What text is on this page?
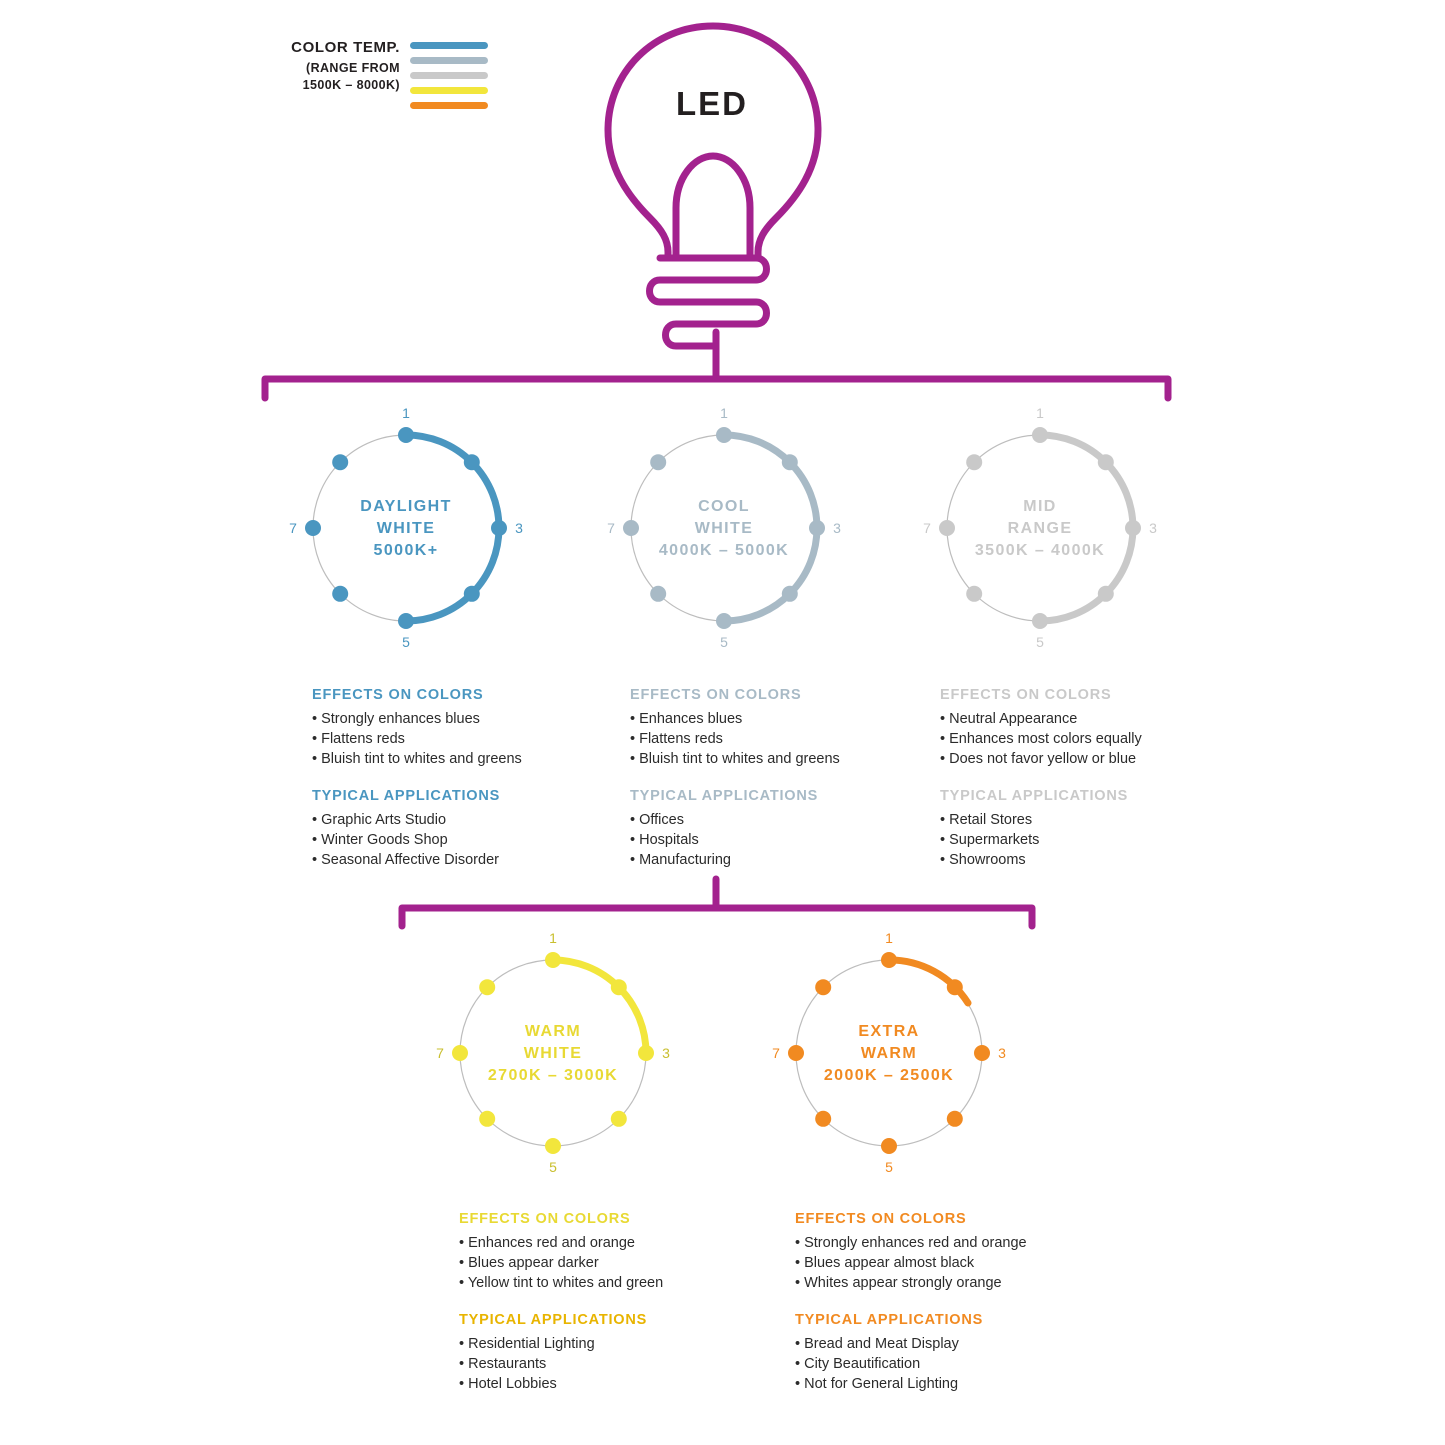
COLOR TEMP.
(RANGE FROM
1500K – 8000K)	LED
1
3
5
7
DAYLIGHT
WHITE
5000K+
1
3
5
7
COOL
WHITE
4000K – 5000K
1
3
5
7
MID
RANGE
3500K – 4000K
EFFECTS ON COLORS
• Strongly enhances blues
• Flattens reds
• Bluish tint to whites and greens
TYPICAL APPLICATIONS
• Graphic Arts Studio
• Winter Goods Shop
• Seasonal Affective Disorder
EFFECTS ON COLORS
• Enhances blues
• Flattens reds
• Bluish tint to whites and greens
TYPICAL APPLICATIONS
• Offices
• Hospitals
• Manufacturing
EFFECTS ON COLORS
• Neutral Appearance
• Enhances most colors equally
• Does not favor yellow or blue
TYPICAL APPLICATIONS
• Retail Stores
• Supermarkets
• Showrooms
1
3
5
7
WARM
WHITE
2700K – 3000K
1
3
5
7
EXTRA
WARM
2000K – 2500K
EFFECTS ON COLORS
• Enhances red and orange
• Blues appear darker
• Yellow tint to whites and green
TYPICAL APPLICATIONS
• Residential Lighting
• Restaurants
• Hotel Lobbies
EFFECTS ON COLORS
• Strongly enhances red and orange
• Blues appear almost black
• Whites appear strongly orange
TYPICAL APPLICATIONS
• Bread and Meat Display
• City Beautification
• Not for General Lighting
